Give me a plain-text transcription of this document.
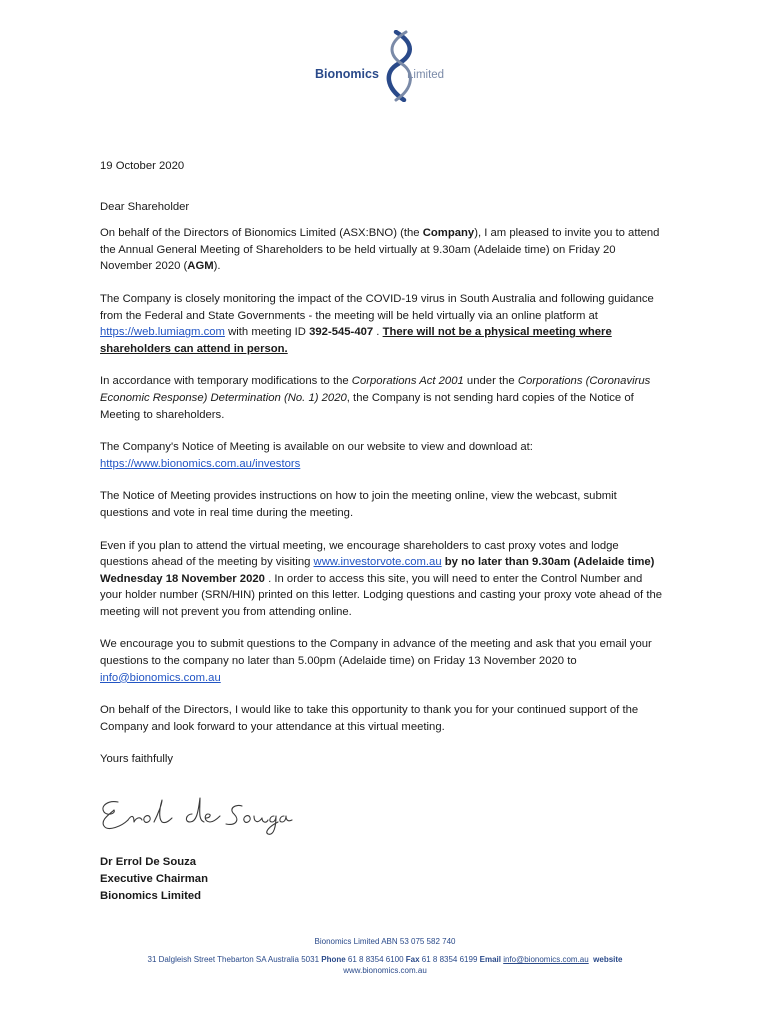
Bionomics Limited

19 October 2020

Dear Shareholder

On behalf of the Directors of Bionomics Limited (ASX:BNO) (the Company), I am pleased to invite you to attend the Annual General Meeting of Shareholders to be held virtually at 9.30am (Adelaide time) on Friday 20 November 2020 (AGM).

The Company is closely monitoring the impact of the COVID-19 virus in South Australia and following guidance from the Federal and State Governments - the meeting will be held virtually via an online platform at https://web.lumiagm.com with meeting ID 392-545-407 . There will not be a physical meeting where shareholders can attend in person.

In accordance with temporary modifications to the Corporations Act 2001 under the Corporations (Coronavirus Economic Response) Determination (No. 1) 2020, the Company is not sending hard copies of the Notice of Meeting to shareholders.

The Company's Notice of Meeting is available on our website to view and download at:
https://www.bionomics.com.au/investors

The Notice of Meeting provides instructions on how to join the meeting online, view the webcast, submit questions and vote in real time during the meeting.

Even if you plan to attend the virtual meeting, we encourage shareholders to cast proxy votes and lodge questions ahead of the meeting by visiting www.investorvote.com.au by no later than 9.30am (Adelaide time) Wednesday 18 November 2020 . In order to access this site, you will need to enter the Control Number and your holder number (SRN/HIN) printed on this letter. Lodging questions and casting your proxy vote ahead of the meeting will not prevent you from attending online.

We encourage you to submit questions to the Company in advance of the meeting and ask that you email your questions to the company no later than 5.00pm (Adelaide time) on Friday 13 November 2020 to info@bionomics.com.au

On behalf of the Directors, I would like to take this opportunity to thank you for your continued support of the Company and look forward to your attendance at this virtual meeting.

Yours faithfully

Dr Errol De Souza
Executive Chairman
Bionomics Limited
Bionomics Limited ABN 53 075 582 740
31 Dalgleish Street Thebarton SA Australia 5031 Phone 61 8 8354 6100 Fax 61 8 8354 6199 Email info@bionomics.com.au website
www.bionomics.com.au
